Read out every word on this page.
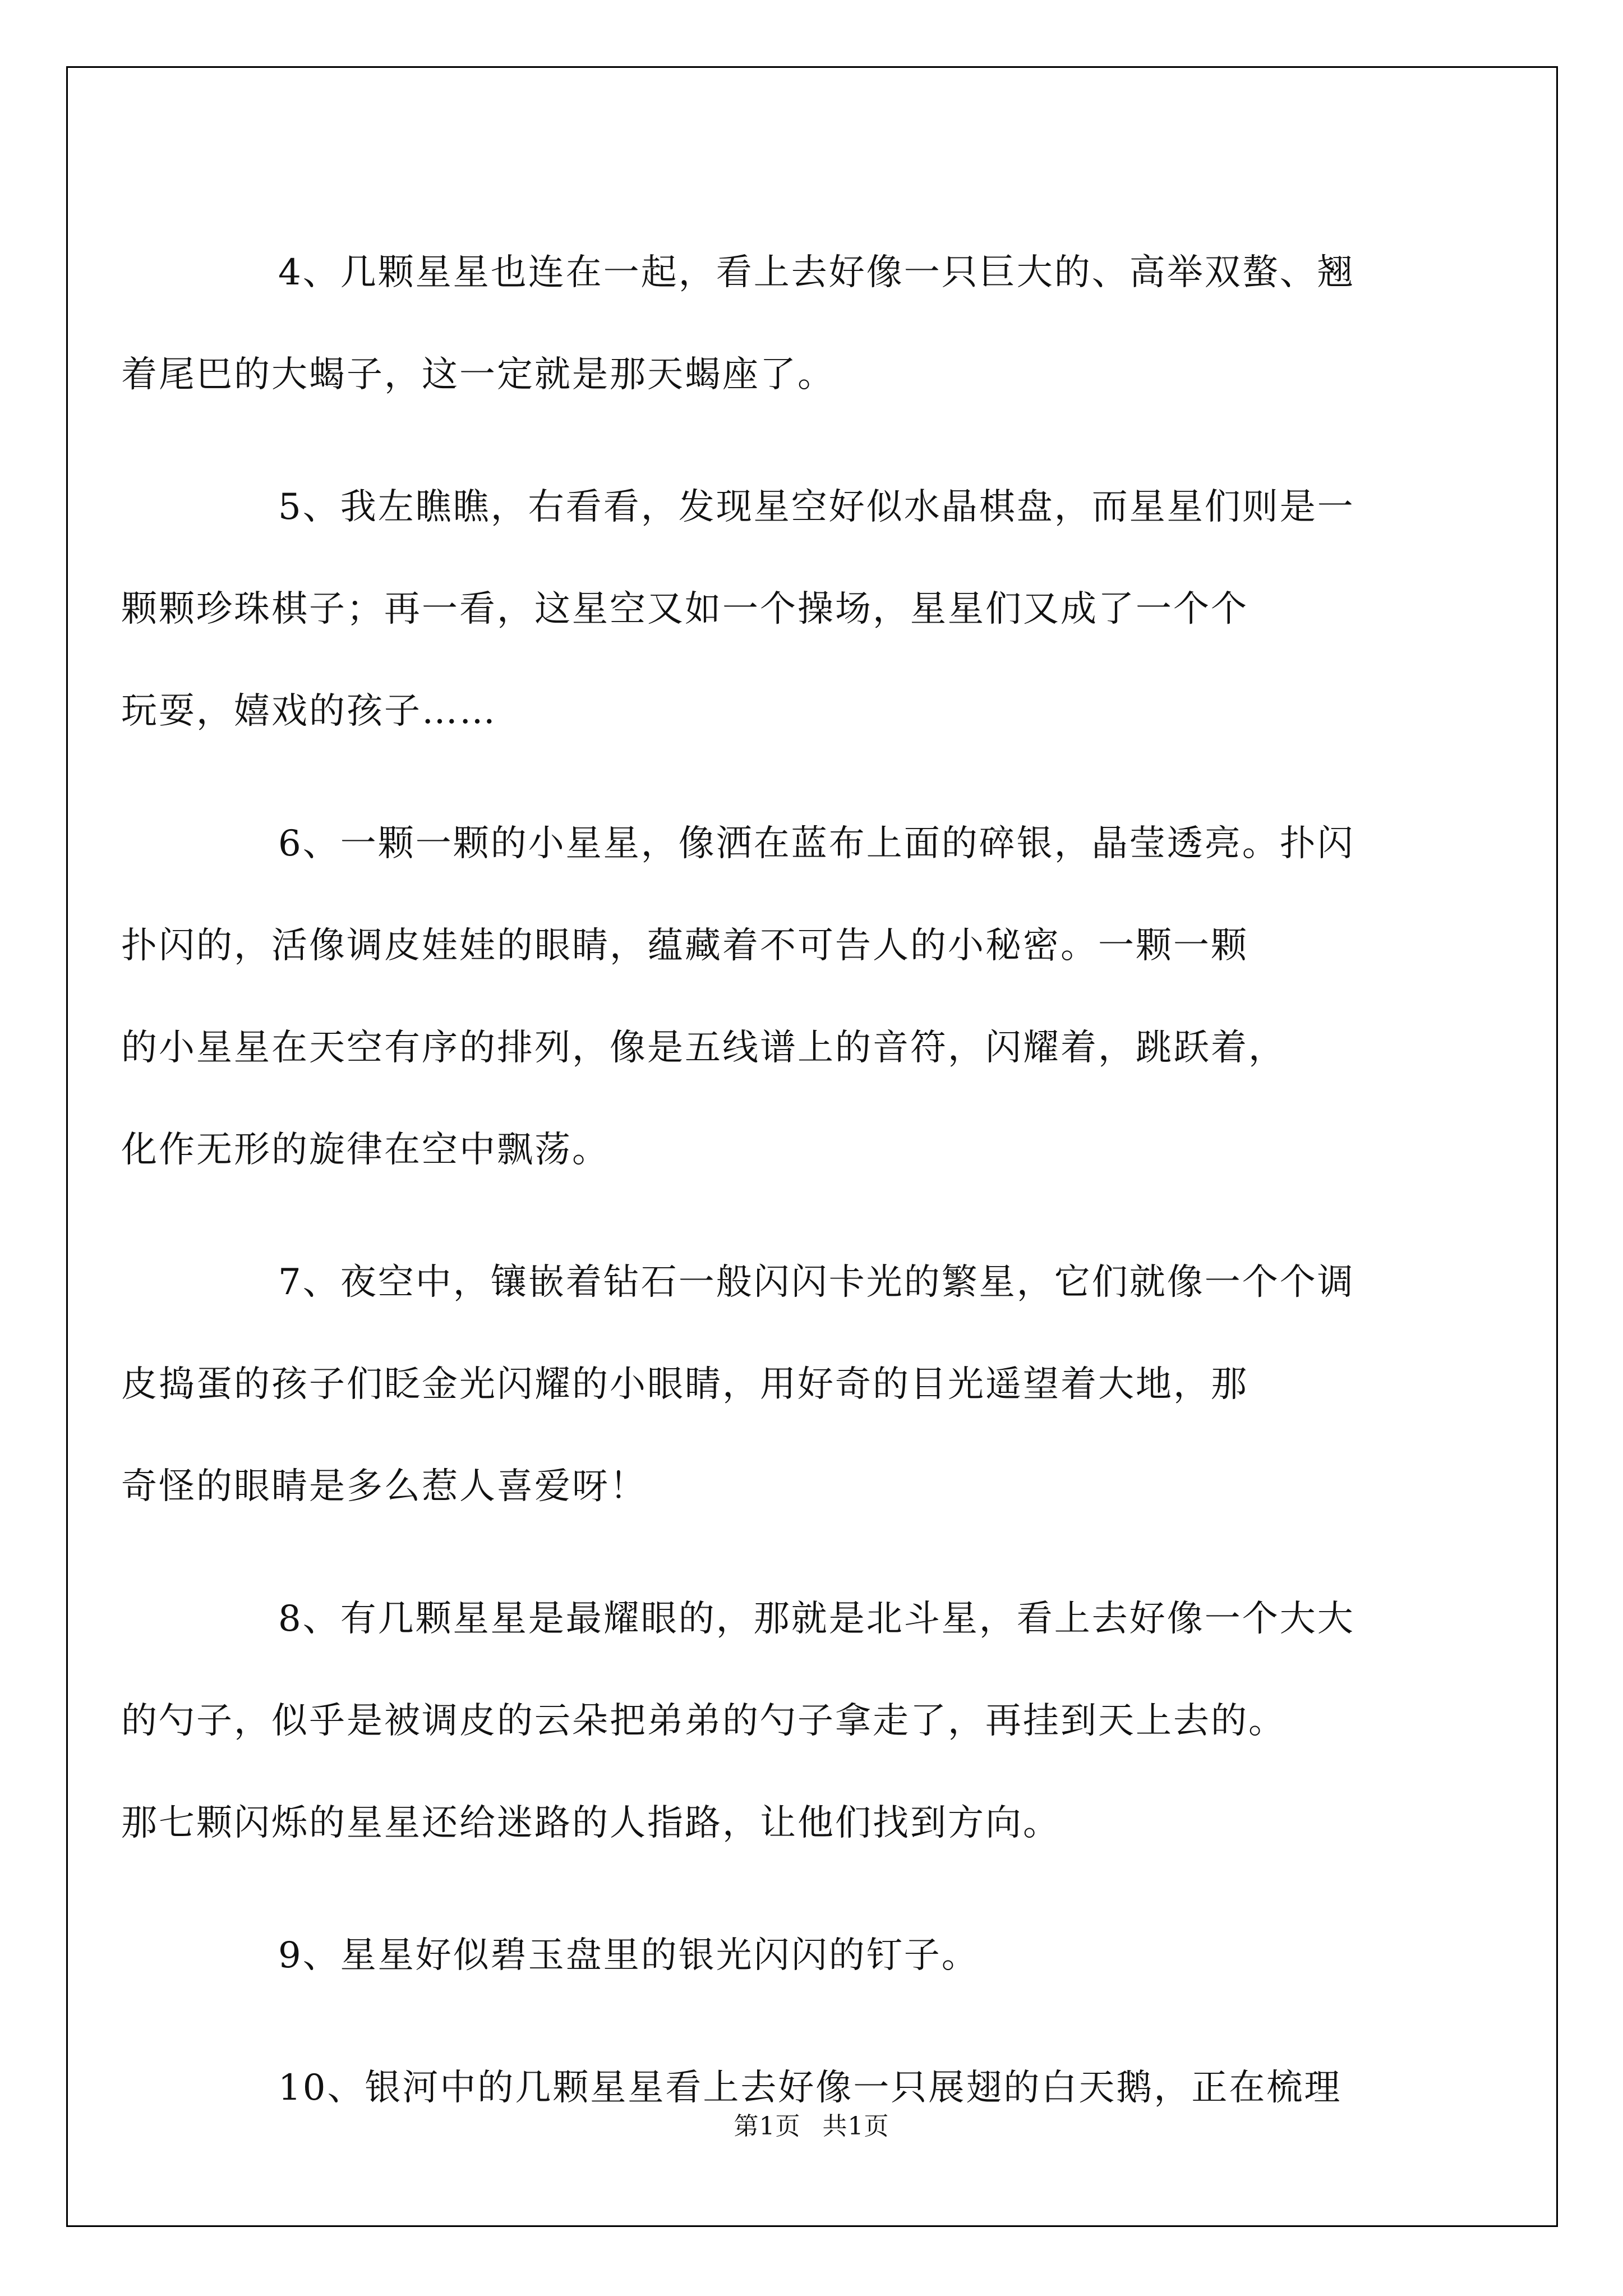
4、几颗星星也连在一起，看上去好像一只巨大的、高举双螯、翘
着尾巴的大蝎子，这一定就是那天蝎座了。

5、我左瞧瞧，右看看，发现星空好似水晶棋盘，而星星们则是一
颗颗珍珠棋子；再一看，这星空又如一个操场，星星们又成了一个个
玩耍，嬉戏的孩子……

6、一颗一颗的小星星，像洒在蓝布上面的碎银，晶莹透亮。扑闪
扑闪的，活像调皮娃娃的眼睛，蕴藏着不可告人的小秘密。一颗一颗
的小星星在天空有序的排列，像是五线谱上的音符，闪耀着，跳跃着，
化作无形的旋律在空中飘荡。

7、夜空中，镶嵌着钻石一般闪闪卡光的繁星，它们就像一个个调
皮捣蛋的孩子们眨金光闪耀的小眼睛，用好奇的目光遥望着大地，那
奇怪的眼睛是多么惹人喜爱呀！

8、有几颗星星是最耀眼的，那就是北斗星，看上去好像一个大大
的勺子，似乎是被调皮的云朵把弟弟的勺子拿走了，再挂到天上去的。
那七颗闪烁的星星还给迷路的人指路，让他们找到方向。

9、星星好似碧玉盘里的银光闪闪的钉子。

10、银河中的几颗星星看上去好像一只展翅的白天鹅，正在梳理

第1页 共1页
